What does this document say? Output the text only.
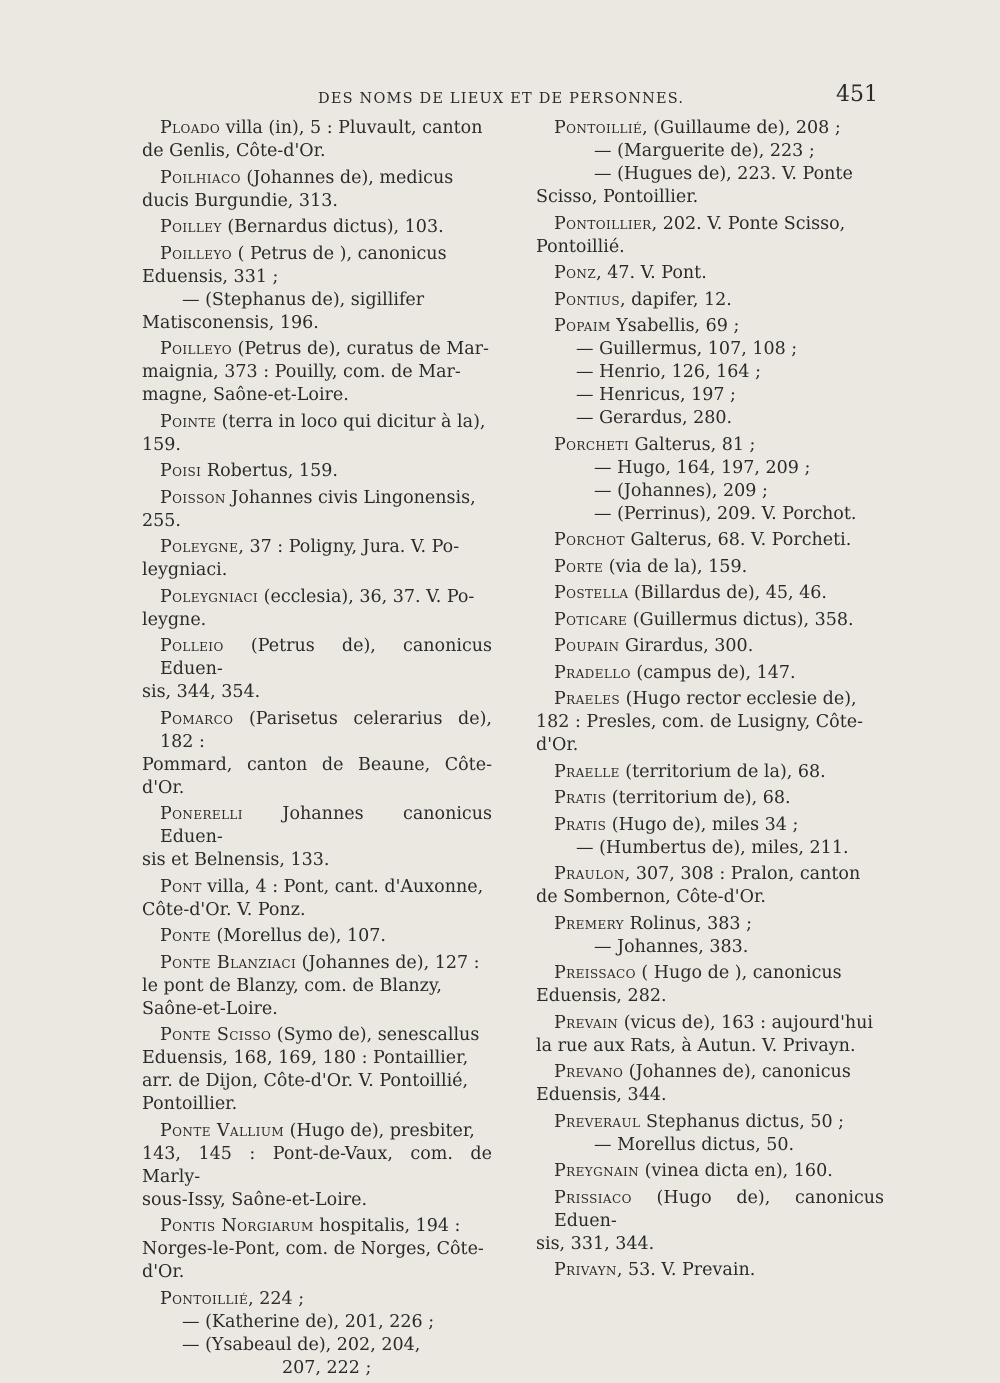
DES NOMS DE LIEUX ET DE PERSONNES.	451
Ploado villa (in), 5 : Pluvault, canton
de Genlis, Côte-d'Or.
Poilhiaco (Johannes de), medicus
ducis Burgundie, 313.
Poilley (Bernardus dictus), 103.
Poilleyo ( Petrus de ), canonicus
Eduensis, 331 ;
— (Stephanus de), sigillifer
Matisconensis, 196.
Poilleyo (Petrus de), curatus de Mar-
maignia, 373 : Pouilly, com. de Mar-
magne, Saône-et-Loire.
Pointe (terra in loco qui dicitur à la),
159.
Poisi Robertus, 159.
Poisson Johannes civis Lingonensis,
255.
Poleygne, 37 : Poligny, Jura. V. Po-
leygniaci.
Poleygniaci (ecclesia), 36, 37. V. Po-
leygne.
Polleio (Petrus de), canonicus Eduen-
sis, 344, 354.
Pomarco (Parisetus celerarius de), 182 :
Pommard, canton de Beaune, Côte-d'Or.
Ponerelli Johannes canonicus Eduen-
sis et Belnensis, 133.
Pont villa, 4 : Pont, cant. d'Auxonne,
Côte-d'Or. V. Ponz.
Ponte (Morellus de), 107.
Ponte Blanziaci (Johannes de), 127 :
le pont de Blanzy, com. de Blanzy,
Saône-et-Loire.
Ponte Scisso (Symo de), senescallus
Eduensis, 168, 169, 180 : Pontaillier,
arr. de Dijon, Côte-d'Or. V. Pontoillié,
Pontoillier.
Ponte Vallium (Hugo de), presbiter,
143, 145 : Pont-de-Vaux, com. de Marly-
sous-Issy, Saône-et-Loire.
Pontis Norgiarum hospitalis, 194 :
Norges-le-Pont, com. de Norges, Côte-
d'Or.
Pontoillié, 224 ;
— (Katherine de), 201, 226 ;
— (Ysabeaul de), 202, 204,
207, 222 ;
Pontoillié, (Guillaume de), 208 ;
— (Marguerite de), 223 ;
— (Hugues de), 223. V. Ponte
Scisso, Pontoillier.
Pontoillier, 202. V. Ponte Scisso,
Pontoillié.
Ponz, 47. V. Pont.
Pontius, dapifer, 12.
Popaim Ysabellis, 69 ;
— Guillermus, 107, 108 ;
— Henrio, 126, 164 ;
— Henricus, 197 ;
— Gerardus, 280.
Porcheti Galterus, 81 ;
— Hugo, 164, 197, 209 ;
— (Johannes), 209 ;
— (Perrinus), 209. V. Porchot.
Porchot Galterus, 68. V. Porcheti.
Porte (via de la), 159.
Postella (Billardus de), 45, 46.
Poticare (Guillermus dictus), 358.
Poupain Girardus, 300.
Pradello (campus de), 147.
Praeles (Hugo rector ecclesie de),
182 : Presles, com. de Lusigny, Côte-
d'Or.
Praelle (territorium de la), 68.
Pratis (territorium de), 68.
Pratis (Hugo de), miles 34 ;
— (Humbertus de), miles, 211.
Praulon, 307, 308 : Pralon, canton
de Sombernon, Côte-d'Or.
Premery Rolinus, 383 ;
— Johannes, 383.
Preissaco ( Hugo de ), canonicus
Eduensis, 282.
Prevain (vicus de), 163 : aujourd'hui
la rue aux Rats, à Autun. V. Privayn.
Prevano (Johannes de), canonicus
Eduensis, 344.
Preveraul Stephanus dictus, 50 ;
— Morellus dictus, 50.
Preygnain (vinea dicta en), 160.
Prissiaco (Hugo de), canonicus Eduen-
sis, 331, 344.
Privayn, 53. V. Prevain.
